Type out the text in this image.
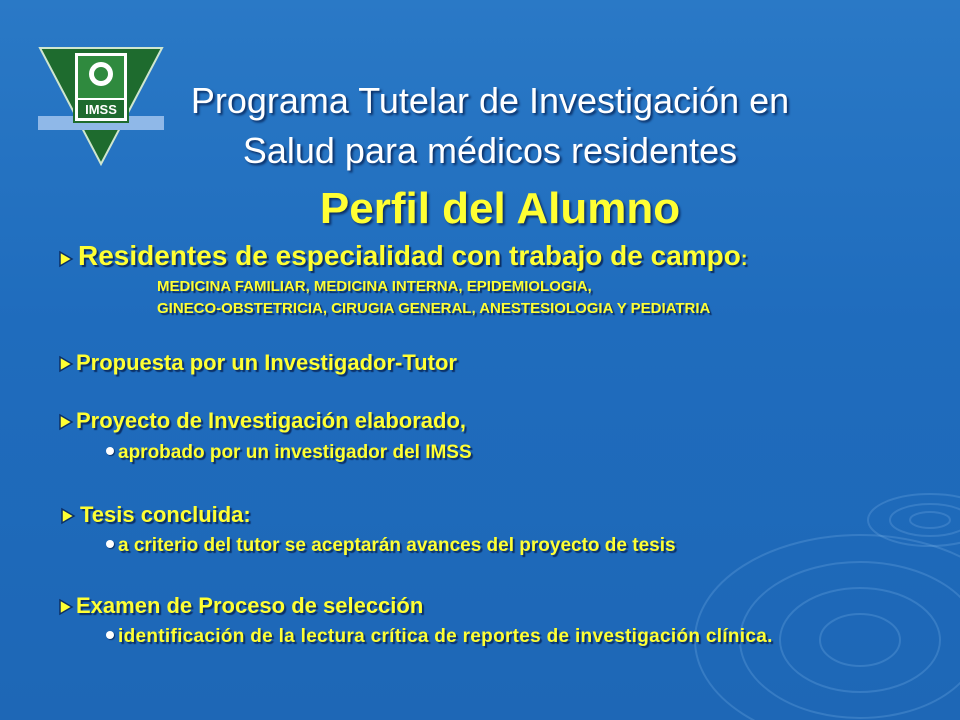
IMSS	Programa Tutelar de Investigación en
Salud para médicos residentes
Perfil del Alumno
Residentes de especialidad con trabajo de campo:
MEDICINA FAMILIAR, MEDICINA INTERNA, EPIDEMIOLOGIA,
GINECO-OBSTETRICIA, CIRUGIA GENERAL, ANESTESIOLOGIA Y PEDIATRIA
Propuesta por un Investigador-Tutor
Proyecto de Investigación elaborado,
aprobado por un investigador del IMSS
Tesis concluida:
a criterio del tutor se aceptarán avances del proyecto de tesis
Examen de Proceso de selección
identificación de la lectura crítica de reportes de investigación clínica.
